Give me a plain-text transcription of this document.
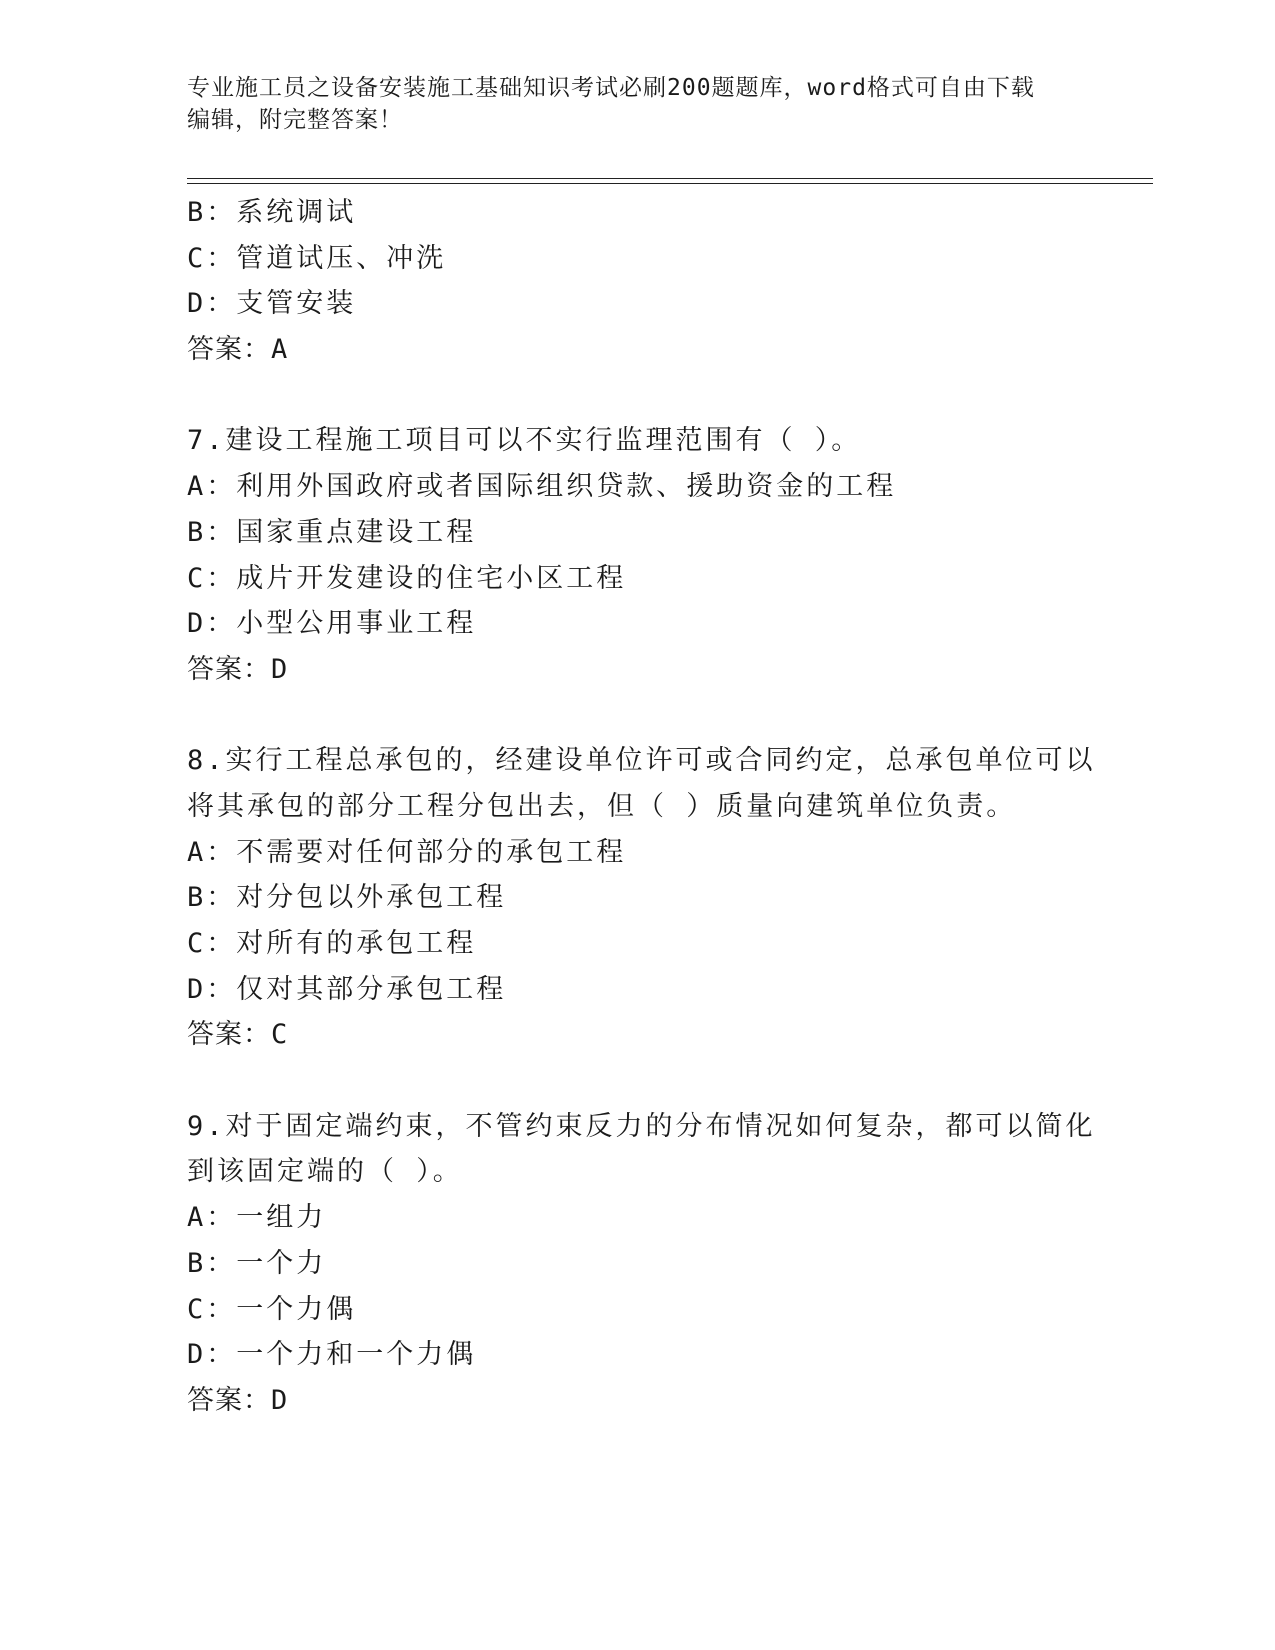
专业施工员之设备安装施工基础知识考试必刷200题题库，word格式可自由下载
编辑，附完整答案！
B：系统调试
C：管道试压、冲洗
D：支管安装
答案：A
7.建设工程施工项目可以不实行监理范围有（ ）。
A：利用外国政府或者国际组织贷款、援助资金的工程
B：国家重点建设工程
C：成片开发建设的住宅小区工程
D：小型公用事业工程
答案：D
8.实行工程总承包的，经建设单位许可或合同约定，总承包单位可以
将其承包的部分工程分包出去，但（ ）质量向建筑单位负责。
A：不需要对任何部分的承包工程
B：对分包以外承包工程
C：对所有的承包工程
D：仅对其部分承包工程
答案：C
9.对于固定端约束，不管约束反力的分布情况如何复杂，都可以简化
到该固定端的（ ）。
A：一组力
B：一个力
C：一个力偶
D：一个力和一个力偶
答案：D
